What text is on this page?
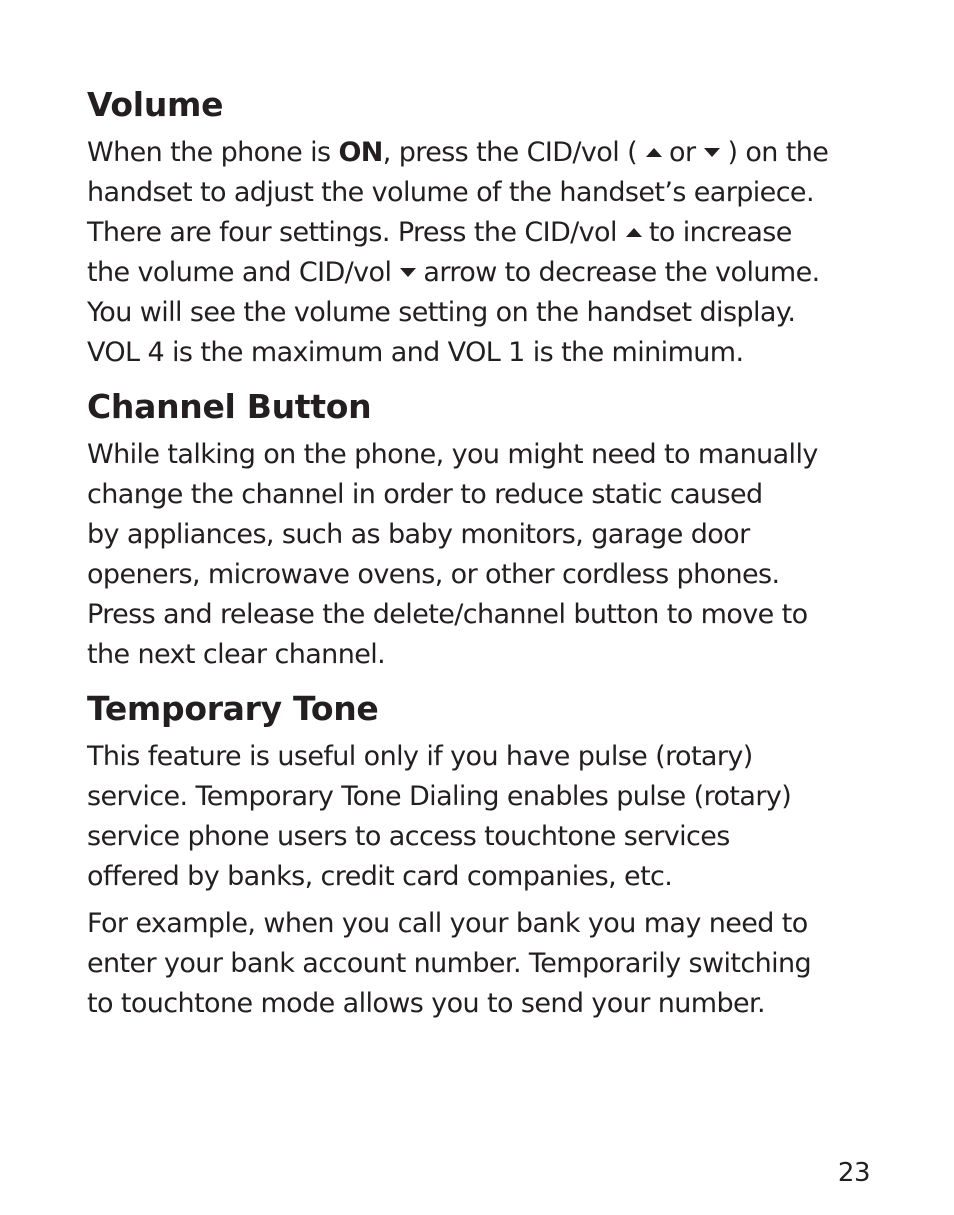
Volume
When the phone is ON, press the CID/vol ( or ) on the
handset to adjust the volume of the handset’s earpiece.
There are four settings. Press the CID/vol to increase
the volume and CID/vol arrow to decrease the volume.
You will see the volume setting on the handset display.
VOL 4 is the maximum and VOL 1 is the minimum.
Channel Button
While talking on the phone, you might need to manually
change the channel in order to reduce static caused
by appliances, such as baby monitors, garage door
openers, microwave ovens, or other cordless phones.
Press and release the delete/channel button to move to
the next clear channel.
Temporary Tone
This feature is useful only if you have pulse (rotary)
service. Temporary Tone Dialing enables pulse (rotary)
service phone users to access touchtone services
offered by banks, credit card companies, etc.
For example, when you call your bank you may need to
enter your bank account number. Temporarily switching
to touchtone mode allows you to send your number.
23
